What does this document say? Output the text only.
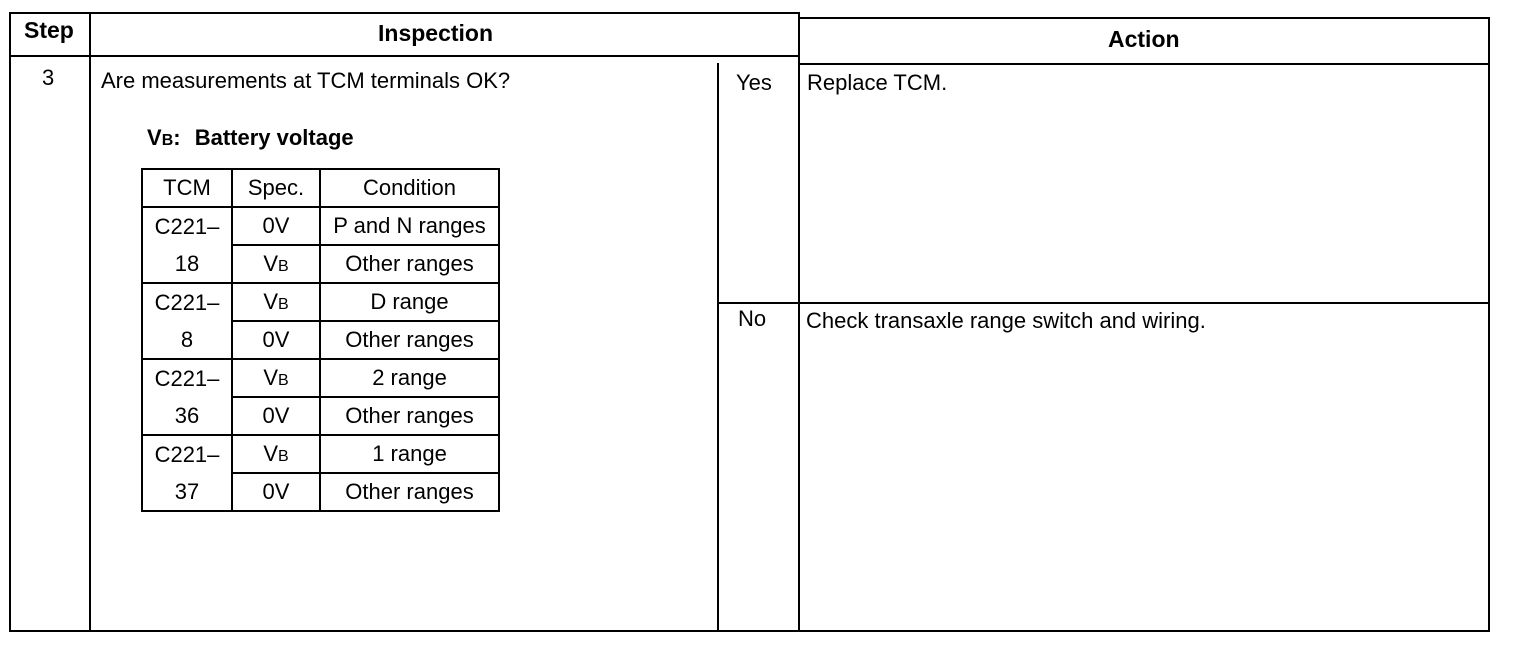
Step	Inspection	Action
3 Are measurements at TCM terminals OK?
VB: Battery voltage
TCM	Spec.	Condition
C221–	0V	P and N ranges
18	VB	Other ranges
C221–	VB	D range
8	0V	Other ranges
C221–	VB	2 range
36	0V	Other ranges
C221–	VB	1 range
37	0V	Other ranges
Yes Replace TCM.
No Check transaxle range switch and wiring.
